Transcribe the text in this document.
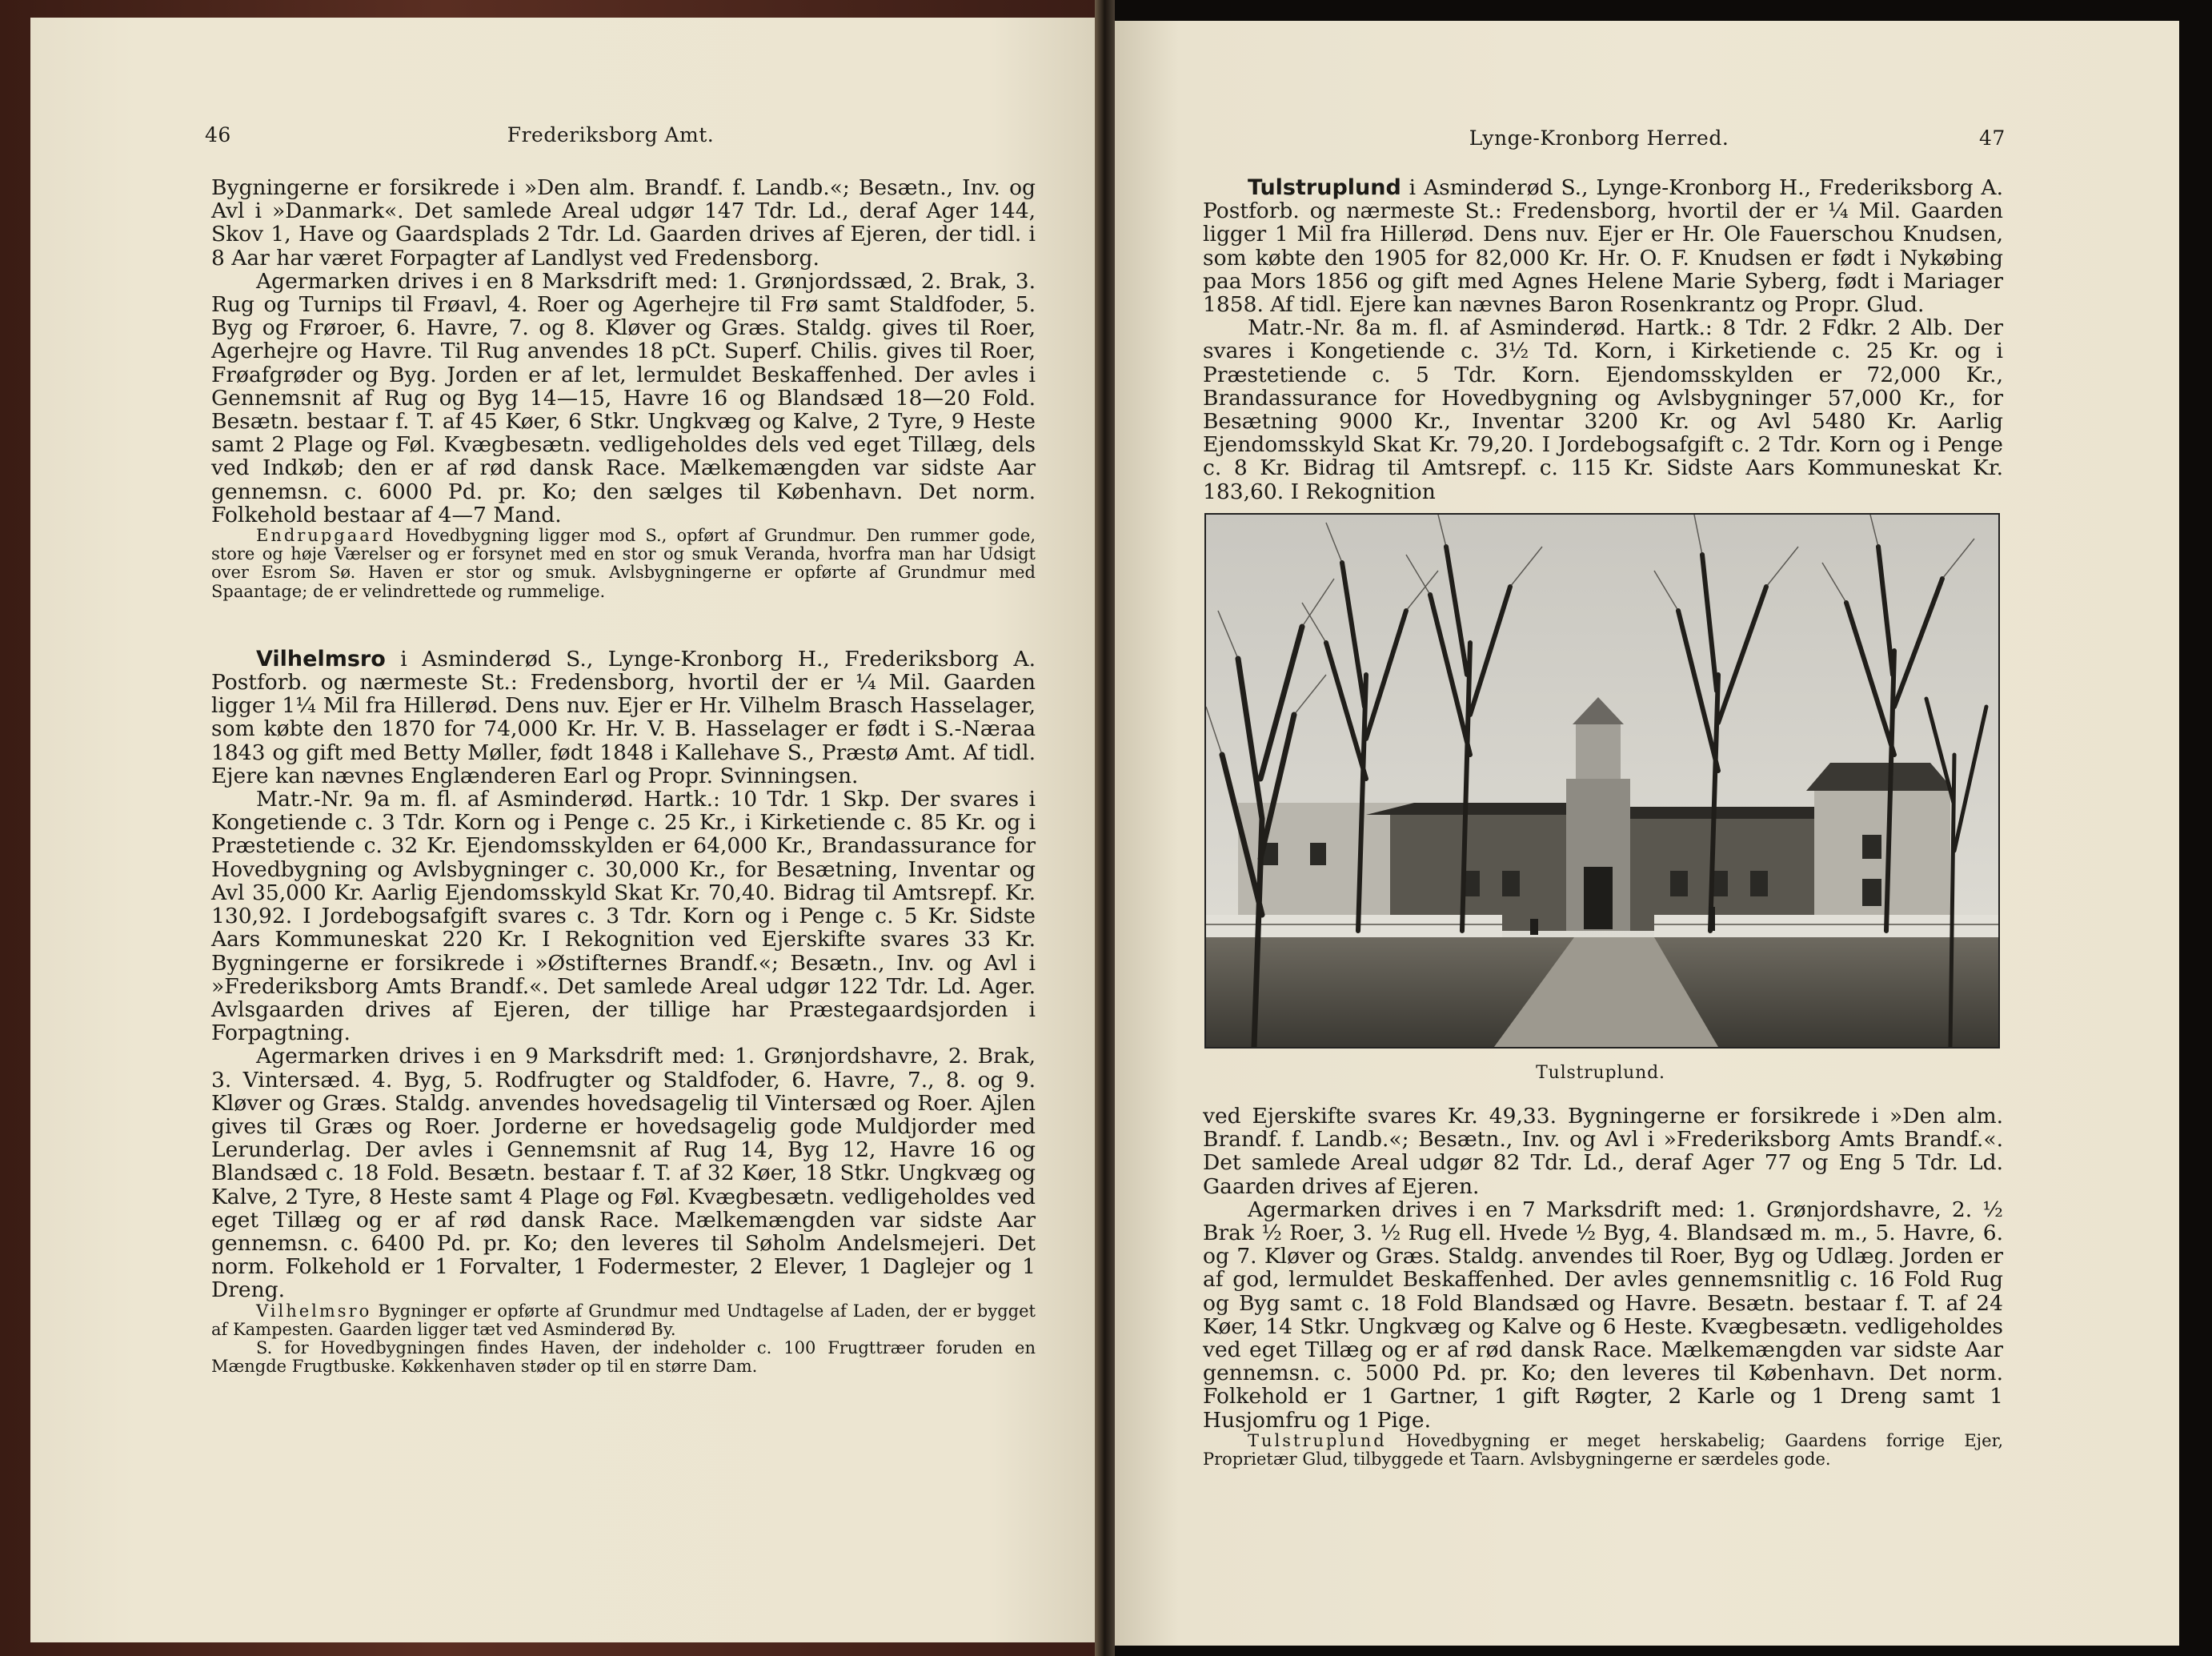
46	Frederiksborg Amt.

Bygningerne er forsikrede i »Den alm. Brandf. f. Landb.«; Besætn., Inv. og Avl i »Danmark«. Det samlede Areal udgør 147 Tdr. Ld., deraf Ager 144, Skov 1, Have og Gaardsplads 2 Tdr. Ld. Gaarden drives af Ejeren, der tidl. i 8 Aar har været Forpagter af Landlyst ved Fredensborg.

Agermarken drives i en 8 Marksdrift med: 1. Grønjordssæd, 2. Brak, 3. Rug og Turnips til Frøavl, 4. Roer og Agerhejre til Frø samt Staldfoder, 5. Byg og Frøroer, 6. Havre, 7. og 8. Kløver og Græs. Staldg. gives til Roer, Agerhejre og Havre. Til Rug anvendes 18 pCt. Superf. Chilis. gives til Roer, Frøafgrøder og Byg. Jorden er af let, lermuldet Beskaffenhed. Der avles i Gennemsnit af Rug og Byg 14—15, Havre 16 og Blandsæd 18—20 Fold. Besætn. bestaar f. T. af 45 Køer, 6 Stkr. Ungkvæg og Kalve, 2 Tyre, 9 Heste samt 2 Plage og Føl. Kvægbesætn. vedligeholdes dels ved eget Tillæg, dels ved Indkøb; den er af rød dansk Race. Mælkemængden var sidste Aar gennemsn. c. 6000 Pd. pr. Ko; den sælges til København. Det norm. Folkehold bestaar af 4—7 Mand.

Endrupgaard Hovedbygning ligger mod S., opført af Grundmur. Den rummer gode, store og høje Værelser og er forsynet med en stor og smuk Veranda, hvorfra man har Udsigt over Esrom Sø. Haven er stor og smuk. Avlsbygningerne er opførte af Grundmur med Spaantage; de er velindrettede og rummelige.

Vilhelmsro i Asminderød S., Lynge-Kronborg H., Frederiksborg A. Postforb. og nærmeste St.: Fredensborg, hvortil der er ¼ Mil. Gaarden ligger 1¼ Mil fra Hillerød. Dens nuv. Ejer er Hr. Vilhelm Brasch Hasselager, som købte den 1870 for 74,000 Kr. Hr. V. B. Hasselager er født i S.-Næraa 1843 og gift med Betty Møller, født 1848 i Kallehave S., Præstø Amt. Af tidl. Ejere kan nævnes Englænderen Earl og Propr. Svinningsen.

Matr.-Nr. 9a m. fl. af Asminderød. Hartk.: 10 Tdr. 1 Skp. Der svares i Kongetiende c. 3 Tdr. Korn og i Penge c. 25 Kr., i Kirketiende c. 85 Kr. og i Præstetiende c. 32 Kr. Ejendomsskylden er 64,000 Kr., Brandassurance for Hovedbygning og Avlsbygninger c. 30,000 Kr., for Besætning, Inventar og Avl 35,000 Kr. Aarlig Ejendomsskyld Skat Kr. 70,40. Bidrag til Amtsrepf. Kr. 130,92. I Jordebogsafgift svares c. 3 Tdr. Korn og i Penge c. 5 Kr. Sidste Aars Kommuneskat 220 Kr. I Rekognition ved Ejerskifte svares 33 Kr. Bygningerne er forsikrede i »Østifternes Brandf.«; Besætn., Inv. og Avl i »Frederiksborg Amts Brandf.«. Det samlede Areal udgør 122 Tdr. Ld. Ager. Avlsgaarden drives af Ejeren, der tillige har Præstegaardsjorden i Forpagtning.

Agermarken drives i en 9 Marksdrift med: 1. Grønjordshavre, 2. Brak, 3. Vintersæd. 4. Byg, 5. Rodfrugter og Staldfoder, 6. Havre, 7., 8. og 9. Kløver og Græs. Staldg. anvendes hovedsagelig til Vintersæd og Roer. Ajlen gives til Græs og Roer. Jorderne er hovedsagelig gode Muldjorder med Lerunderlag. Der avles i Gennemsnit af Rug 14, Byg 12, Havre 16 og Blandsæd c. 18 Fold. Besætn. bestaar f. T. af 32 Køer, 18 Stkr. Ungkvæg og Kalve, 2 Tyre, 8 Heste samt 4 Plage og Føl. Kvægbesætn. vedligeholdes ved eget Tillæg og er af rød dansk Race. Mælkemængden var sidste Aar gennemsn. c. 6400 Pd. pr. Ko; den leveres til Søholm Andelsmejeri. Det norm. Folkehold er 1 Forvalter, 1 Fodermester, 2 Elever, 1 Daglejer og 1 Dreng.

Vilhelmsro Bygninger er opførte af Grundmur med Undtagelse af Laden, der er bygget af Kampesten. Gaarden ligger tæt ved Asminderød By.

S. for Hovedbygningen findes Haven, der indeholder c. 100 Frugttræer foruden en Mængde Frugtbuske. Køkkenhaven støder op til en større Dam.

Lynge-Kronborg Herred.	47

Tulstruplund i Asminderød S., Lynge-Kronborg H., Frederiksborg A. Postforb. og nærmeste St.: Fredensborg, hvortil der er ¼ Mil. Gaarden ligger 1 Mil fra Hillerød. Dens nuv. Ejer er Hr. Ole Fauerschou Knudsen, som købte den 1905 for 82,000 Kr. Hr. O. F. Knudsen er født i Nykøbing paa Mors 1856 og gift med Agnes Helene Marie Syberg, født i Mariager 1858. Af tidl. Ejere kan nævnes Baron Rosenkrantz og Propr. Glud.

Matr.-Nr. 8a m. fl. af Asminderød. Hartk.: 8 Tdr. 2 Fdkr. 2 Alb. Der svares i Kongetiende c. 3½ Td. Korn, i Kirketiende c. 25 Kr. og i Præstetiende c. 5 Tdr. Korn. Ejendomsskylden er 72,000 Kr., Brandassurance for Hovedbygning og Avlsbygninger 57,000 Kr., for Besætning 9000 Kr., Inventar 3200 Kr. og Avl 5480 Kr. Aarlig Ejendomsskyld Skat Kr. 79,20. I Jordebogsafgift c. 2 Tdr. Korn og i Penge c. 8 Kr. Bidrag til Amtsrepf. c. 115 Kr. Sidste Aars Kommuneskat Kr. 183,60. I Rekognition

Tulstruplund.

ved Ejerskifte svares Kr. 49,33. Bygningerne er forsikrede i »Den alm. Brandf. f. Landb.«; Besætn., Inv. og Avl i »Frederiksborg Amts Brandf.«. Det samlede Areal udgør 82 Tdr. Ld., deraf Ager 77 og Eng 5 Tdr. Ld. Gaarden drives af Ejeren.

Agermarken drives i en 7 Marksdrift med: 1. Grønjordshavre, 2. ½ Brak ½ Roer, 3. ½ Rug ell. Hvede ½ Byg, 4. Blandsæd m. m., 5. Havre, 6. og 7. Kløver og Græs. Staldg. anvendes til Roer, Byg og Udlæg. Jorden er af god, lermuldet Beskaffenhed. Der avles gennemsnitlig c. 16 Fold Rug og Byg samt c. 18 Fold Blandsæd og Havre. Besætn. bestaar f. T. af 24 Køer, 14 Stkr. Ungkvæg og Kalve og 6 Heste. Kvægbesætn. vedligeholdes ved eget Tillæg og er af rød dansk Race. Mælkemængden var sidste Aar gennemsn. c. 5000 Pd. pr. Ko; den leveres til København. Det norm. Folkehold er 1 Gartner, 1 gift Røgter, 2 Karle og 1 Dreng samt 1 Husjomfru og 1 Pige.

Tulstruplund Hovedbygning er meget herskabelig; Gaardens forrige Ejer, Proprietær Glud, tilbyggede et Taarn. Avlsbygningerne er særdeles gode.
